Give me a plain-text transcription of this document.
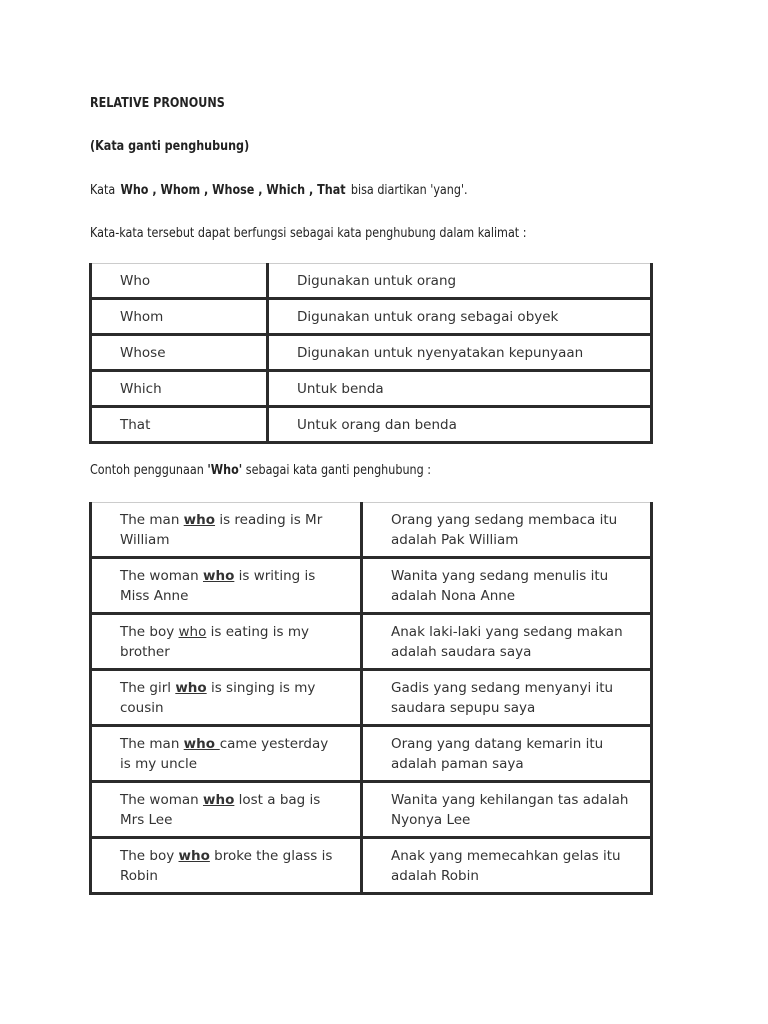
RELATIVE PRONOUNS
(Kata ganti penghubung)
Kata Who , Whom , Whose , Which , That bisa diartikan 'yang'.
Kata-kata tersebut dapat berfungsi sebagai kata penghubung dalam kalimat :
Who	Digunakan untuk orang
Whom	Digunakan untuk orang sebagai obyek
Whose	Digunakan untuk nyenyatakan kepunyaan
Which	Untuk benda
That	Untuk orang dan benda
Contoh penggunaan 'Who' sebagai kata ganti penghubung :
The man who is reading is Mr William	Orang yang sedang membaca itu adalah Pak William
The woman who is writing is Miss Anne	Wanita yang sedang menulis itu adalah Nona Anne
The boy who is eating is my brother	Anak laki-laki yang sedang makan adalah saudara saya
The girl who is singing is my cousin	Gadis yang sedang menyanyi itu saudara sepupu saya
The man who came yesterday is my uncle	Orang yang datang kemarin itu adalah paman saya
The woman who lost a bag is Mrs Lee	Wanita yang kehilangan tas adalah Nyonya Lee
The boy who broke the glass is Robin	Anak yang memecahkan gelas itu adalah Robin
